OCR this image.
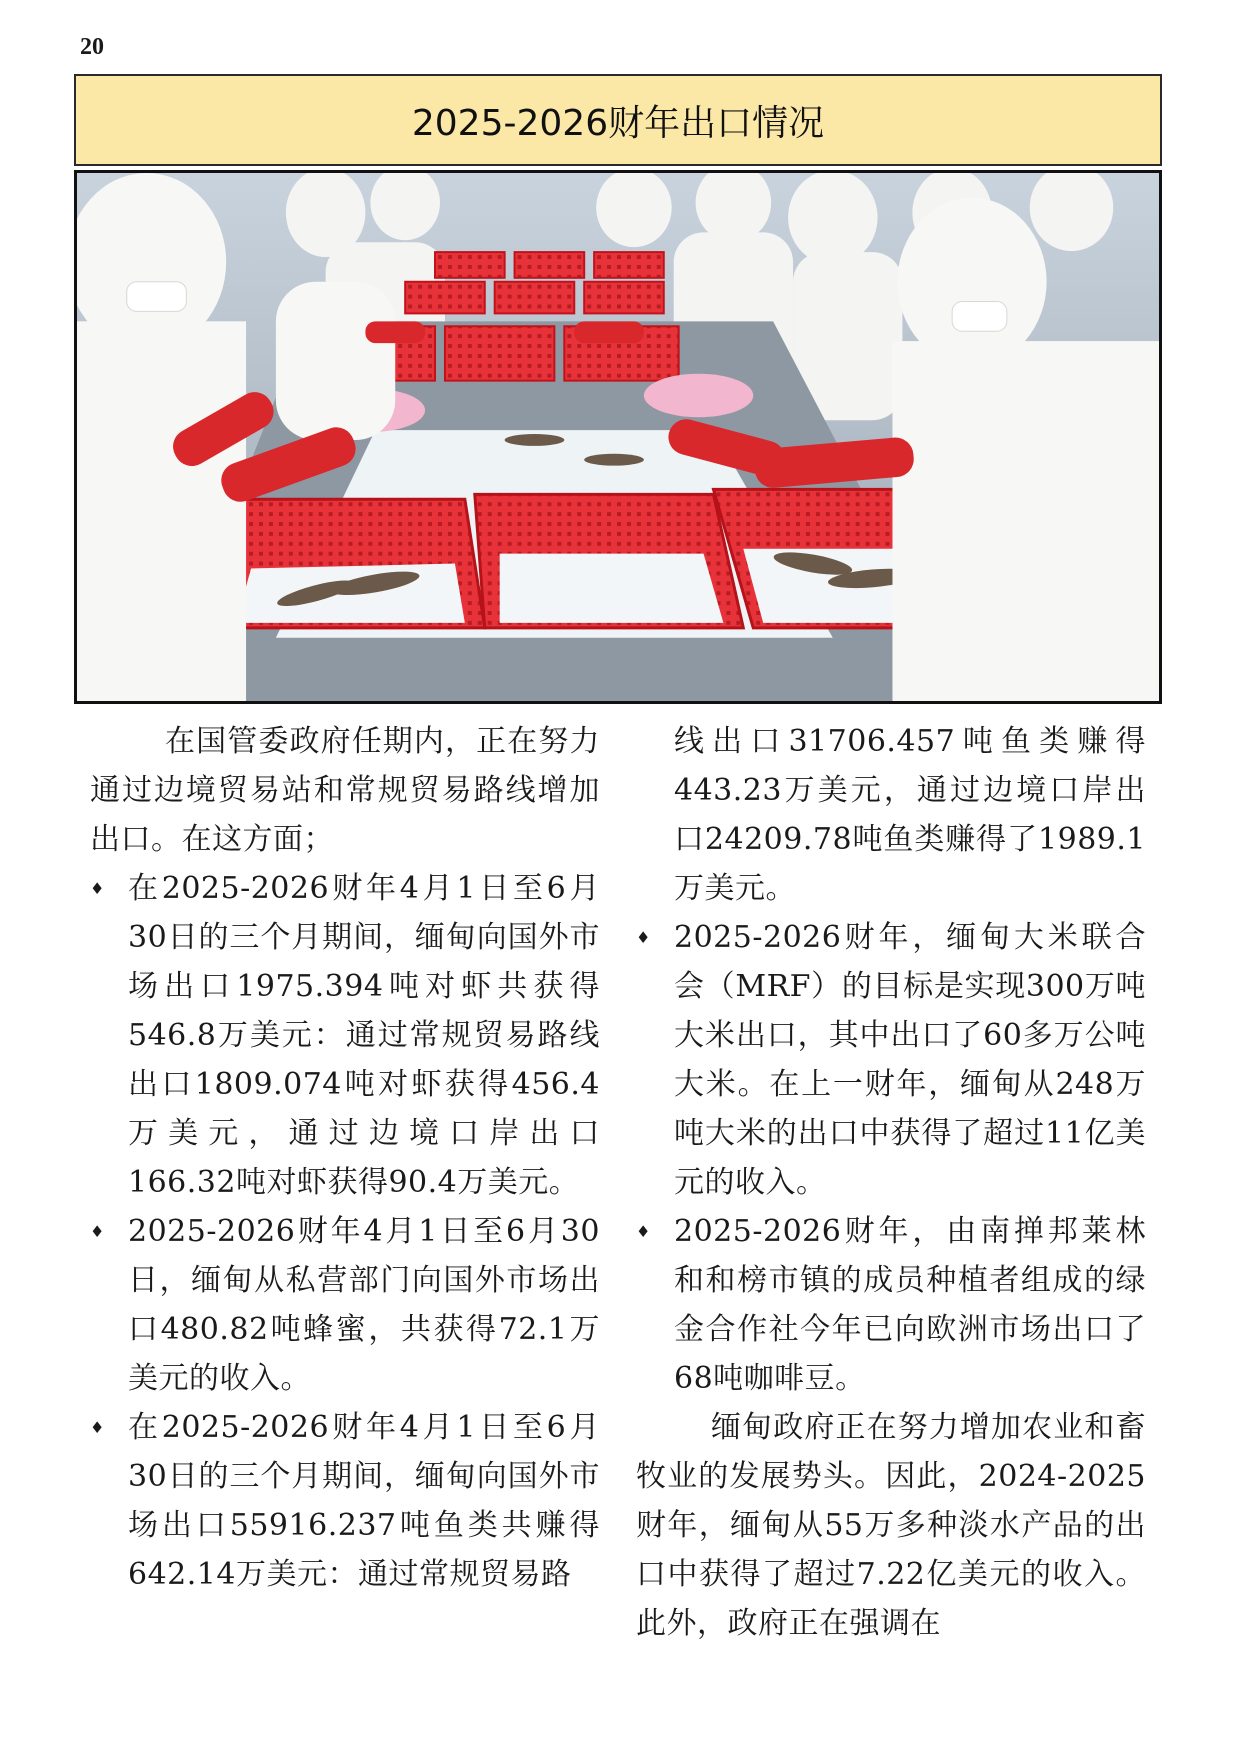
20
2025-2026财年出口情况

在国管委政府任期内，正在努力通过边境贸易站和常规贸易路线增加出口。在这方面；

♦ 在2025-2026财年4月1日至6月30日的三个月期间，缅甸向国外市场出口1975.394吨对虾共获得546.8万美元：通过常规贸易路线出口1809.074吨对虾获得456.4万美元，通过边境口岸出口166.32吨对虾获得90.4万美元。

♦ 2025-2026财年4月1日至6月30日，缅甸从私营部门向国外市场出口480.82吨蜂蜜，共获得72.1万美元的收入。

♦ 在2025-2026财年4月1日至6月30日的三个月期间，缅甸向国外市场出口55916.237吨鱼类共赚得642.14万美元：通过常规贸易路

线出口31706.457吨鱼类赚得443.23万美元，通过边境口岸出口24209.78吨鱼类赚得了1989.1万美元。

♦ 2025-2026财年，缅甸大米联合会（MRF）的目标是实现300万吨大米出口，其中出口了60多万公吨大米。在上一财年，缅甸从248万吨大米的出口中获得了超过11亿美元的收入。

♦ 2025-2026财年，由南掸邦莱林和和榜市镇的成员种植者组成的绿金合作社今年已向欧洲市场出口了68吨咖啡豆。

缅甸政府正在努力增加农业和畜牧业的发展势头。因此，2024-2025财年，缅甸从55万多种淡水产品的出口中获得了超过7.22亿美元的收入。此外，政府正在强调在
